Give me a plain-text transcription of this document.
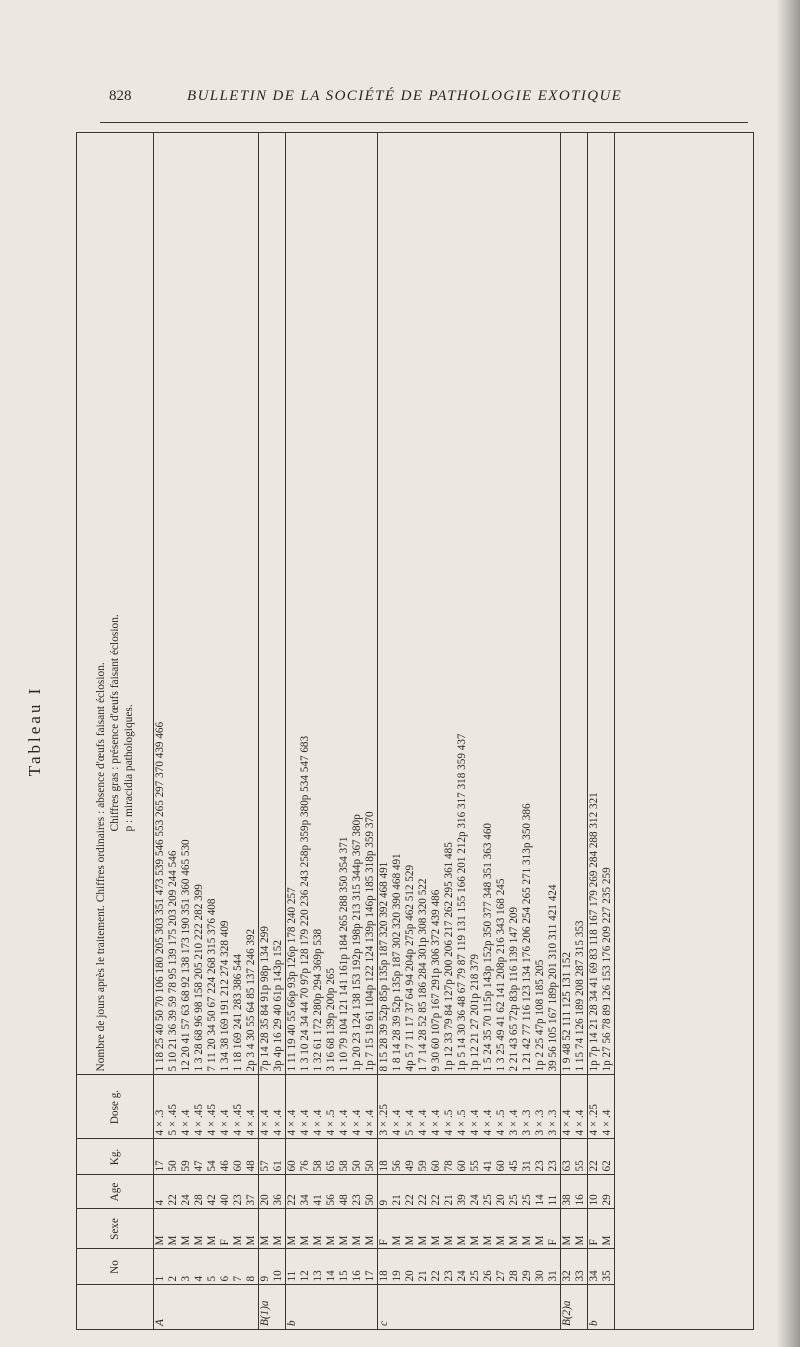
828	BULLETIN DE LA SOCIÉTÉ DE PATHOLOGIE EXOTIQUE
Tableau I
	No	Sexe	Age	Kg.	Dose g.	Nombre de jours après le traitement. Chiffres ordinaires : absence d'œufs faisant éclosion. Chiffres gras : présence d'œufs faisant éclosion. p : miracidia pathologiques.

A	1	M	4	17	4 × .3	1 18 25 40 50 70 106 180 205 303 351 473 539 546 553 265 297 370 439 466
	2	M	22	50	5 × .45	5 10 21 36 39 59 78 95 139 175 203 209 244 546
	3	M	24	59	4 × .4	12 20 41 57 63 68 92 138 173 190 351 360 465 530
	4	M	28	47	4 × .45	1 3 28 68 96 98 158 205 210 222 282 399
	5	M	42	54	4 × .45	7 11 20 34 50 67 224 268 315 376 408
	6	F	40	46	4 × .4	1 34 38 169 191 212 274 328 409
	7	M	23	60	4 × .45	1 18 169 241 283 386 544
	8	M	37	48	4 × .4	2p 3 4 30 55 64 85 137 246 392
B(1)a	9	M	20	57	4 × .4	7p 14 28 35 84 91p 98p 134 299
	10	M	36	61	4 × .4	3p 4p 16 29 40 61p 143p 152
b	11	M	22	60	4 × .4	1 11 19 40 55 66p 93p 126p 178 240 257
	12	M	34	76	4 × .4	1 3 10 24 34 44 70 97p 128 179 220 236 243 258p 359p 380p 534 547 683
	13	M	41	58	4 × .4	1 32 61 172 280p 294 369p 538
	14	M	56	65	4 × .5	3 16 68 139p 200p 265
	15	M	48	58	4 × .4	1 10 79 104 121 141 161p 184 265 288 350 354 371
	16	M	23	50	4 × .4	1p 20 23 124 138 153 192p 198p 213 315 344p 367 380p
	17	M	50	50	4 × .4	1p 7 15 19 61 104p 122 124 139p 146p 185 318p 359 370
c	18	F	9	18	3 × .25	8 15 28 39 52p 85p 135p 187 320 392 468 491
	19	M	21	56	4 × .4	1 8 14 28 39 52p 135p 187 302 320 390 468 491
	20	M	22	49	5 × .4	4p 5 7 11 17 37 64 94 204p 275p 462 512 529
	21	M	22	59	4 × .4	1 7 14 28 52 85 186 284 301p 308 320 522
	22	M	22	60	4 × .4	9 30 60 107p 167 291p 306 372 439 486
	23	M	21	78	4 × .5	1p 12 33 79 84 127p 200 206 217 262 295 361 485
	24	M	39	60	4 × .5	1p 5 14 30 36 48 67 79 87 119 131 155 166 201 212p 316 317 318 359 437
	25	M	24	55	4 × .4	1p 12 21 27 201p 218 379
	26	M	25	41	4 × .4	1 5 24 35 70 115p 143p 152p 350 377 348 351 363 460
	27	M	20	60	4 × .5	1 3 25 49 41 62 141 208p 216 343 168 245
	28	M	25	45	3 × .4	2 21 43 65 72p 83p 116 139 147 209
	29	M	25	31	3 × .3	1 21 42 77 116 123 134 176 206 254 265 271 313p 350 386
	30	M	14	23	3 × .3	1p 2 25 47p 108 185 205
	31	F	11	23	3 × .3	39 56 105 167 189p 201 310 311 421 424
B(2)a	32	M	38	63	4 × .4	1 9 48 52 111 125 131 152
	33	M	16	55	4 × .4	1 15 74 126 189 208 287 315 353
b	34	F	10	22	4 × .25	1p 7p 14 21 28 34 41 69 83 118 167 179 269 284 288 312 321
	35	M	29	62	4 × .4	1p 27 56 78 89 126 153 176 209 227 235 259
